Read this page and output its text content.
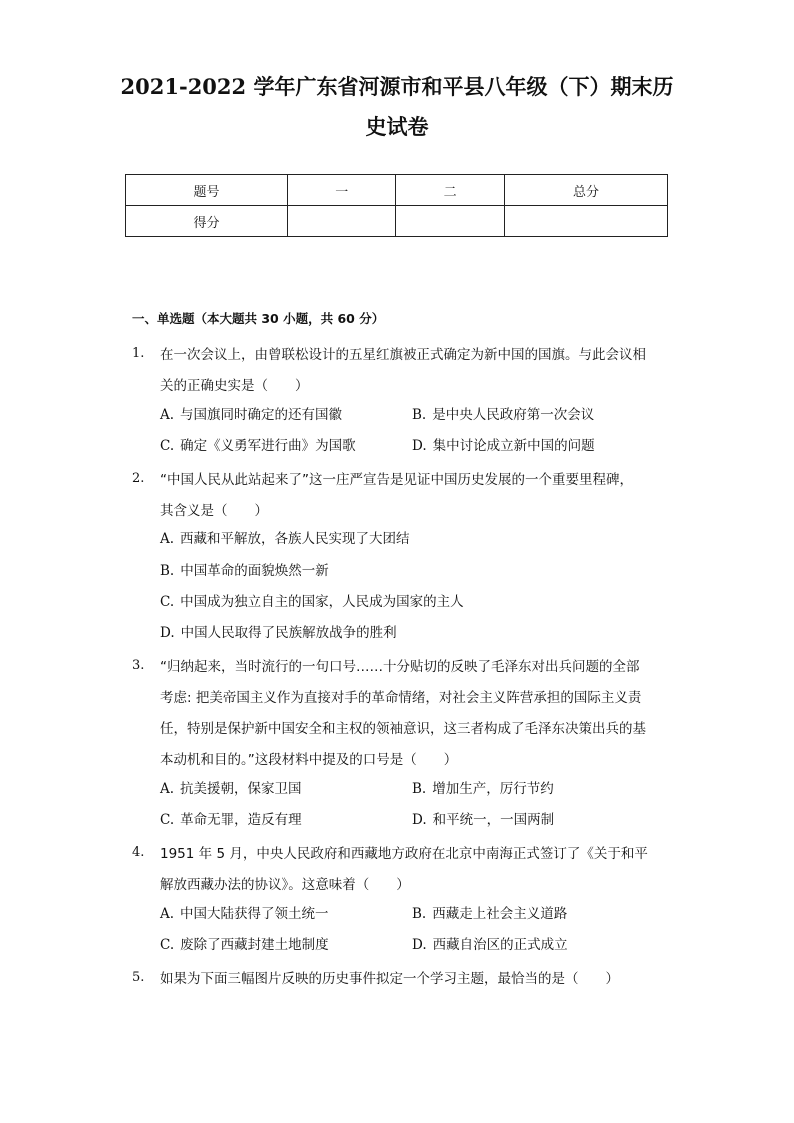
2021-2022 学年广东省河源市和平县八年级（下）期末历
史试卷
题号	一	二	总分
得分			
一、单选题（本大题共 30 小题，共 60 分）
1.	在一次会议上，由曾联松设计的五星红旗被正式确定为新中国的国旗。与此会议相
关的正确史实是（　　）
A. 与国旗同时确定的还有国徽	B. 是中央人民政府第一次会议
C. 确定《义勇军进行曲》为国歌	D. 集中讨论成立新中国的问题
2.	“中国人民从此站起来了”这一庄严宣告是见证中国历史发展的一个重要里程碑，
其含义是（　　）
A. 西藏和平解放，各族人民实现了大团结
B. 中国革命的面貌焕然一新
C. 中国成为独立自主的国家，人民成为国家的主人
D. 中国人民取得了民族解放战争的胜利
3.	“归纳起来，当时流行的一句口号……十分贴切的反映了毛泽东对出兵问题的全部
考虑: 把美帝国主义作为直接对手的革命情绪，对社会主义阵营承担的国际主义责
任，特别是保护新中国安全和主权的领袖意识，这三者构成了毛泽东决策出兵的基
本动机和目的。”这段材料中提及的口号是（　　）
A. 抗美援朝，保家卫国	B. 增加生产，厉行节约
C. 革命无罪，造反有理	D. 和平统一，一国两制
4.	1951 年 5 月，中央人民政府和西藏地方政府在北京中南海正式签订了《关于和平
解放西藏办法的协议》。这意味着（　　）
A. 中国大陆获得了领土统一	B. 西藏走上社会主义道路
C. 废除了西藏封建土地制度	D. 西藏自治区的正式成立
5.	如果为下面三幅图片反映的历史事件拟定一个学习主题，最恰当的是（　　）
